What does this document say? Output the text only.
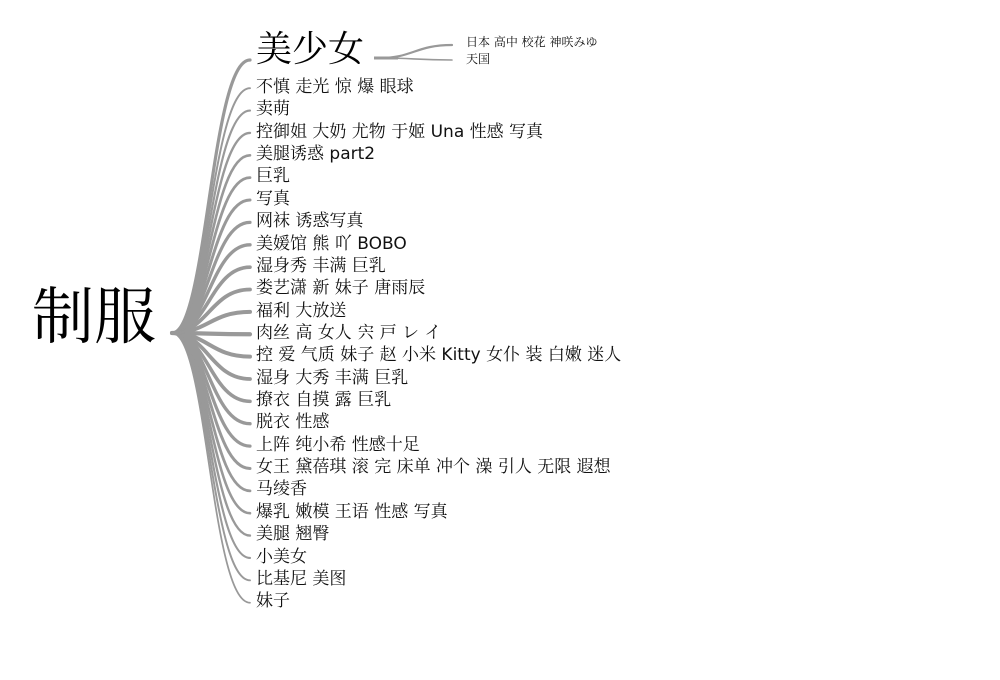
制服
美少女	日本 高中 校花 神咲みゆ
天国
不慎 走光 惊 爆 眼球
卖萌
控御姐 大奶 尤物 于姬 Una 性感 写真
美腿诱惑 part2
巨乳
写真
网袜 诱惑写真
美媛馆 熊 吖 BOBO
湿身秀 丰满 巨乳
娄艺潇 新 妹子 唐雨辰
福利 大放送
肉丝 高 女人 宍 戸 レ イ
控 爱 气质 妹子 赵 小米 Kitty 女仆 装 白嫩 迷人
湿身 大秀 丰满 巨乳
撩衣 自摸 露 巨乳
脱衣 性感
上阵 纯小希 性感十足
女王 黛蓓琪 滚 完 床单 冲个 澡 引人 无限 遐想
马绫香
爆乳 嫩模 王语 性感 写真
美腿 翘臀
小美女
比基尼 美图
妹子
